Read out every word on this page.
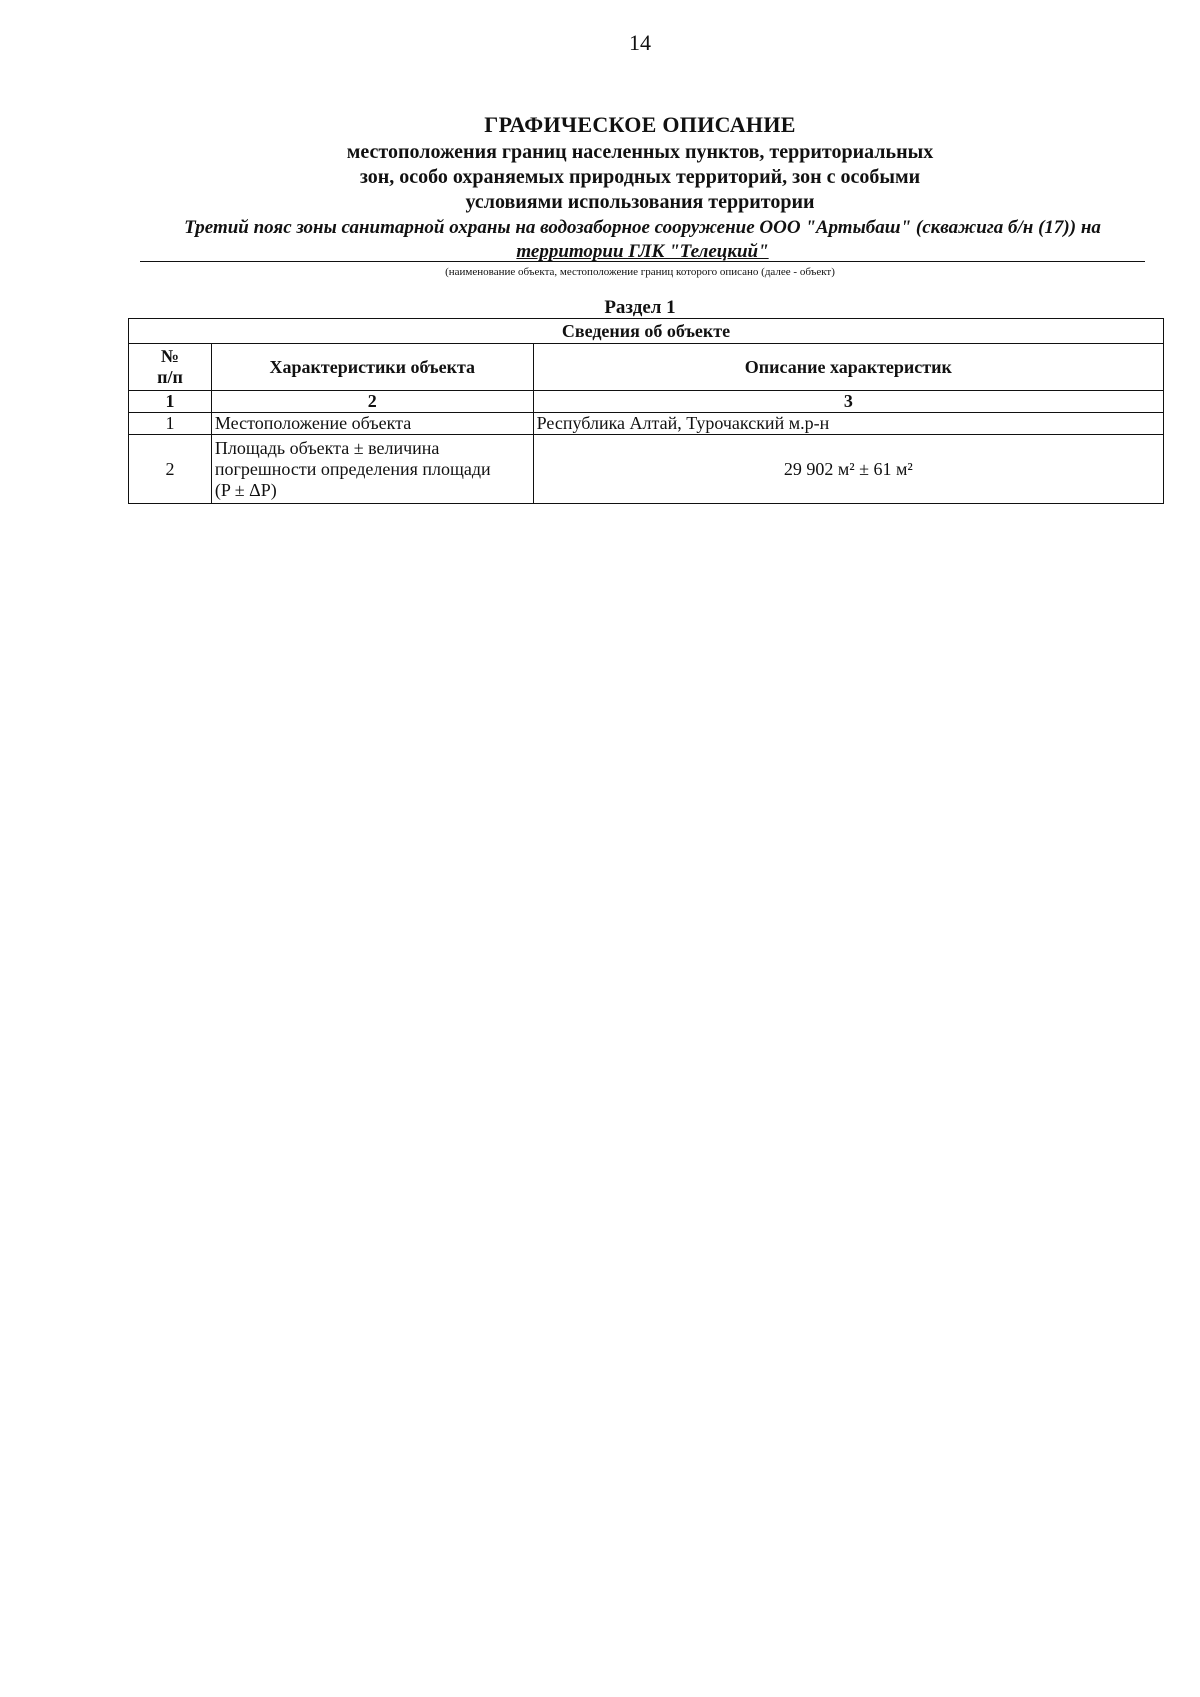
14
ГРАФИЧЕСКОЕ ОПИСАНИЕ
местоположения границ населенных пунктов, территориальных
зон, особо охраняемых природных территорий, зон с особыми
условиями использования территории
Третий пояс зоны санитарной охраны на водозаборное сооружение ООО "Артыбаш" (скважига б/н (17)) на
территории ГЛК "Телецкий"
(наименование объекта, местоположение границ которого описано (далее - объект)
Раздел 1
Сведения об объекте		

№
п/п	Характеристики объекта	Описание характеристик
1	2	3
1	Местоположение объекта	Республика Алтай, Турочакский м.р-н
2	Площадь объекта ± величина
погрешности определения площади
(P ± ΔP)	29 902 м² ± 61 м²
